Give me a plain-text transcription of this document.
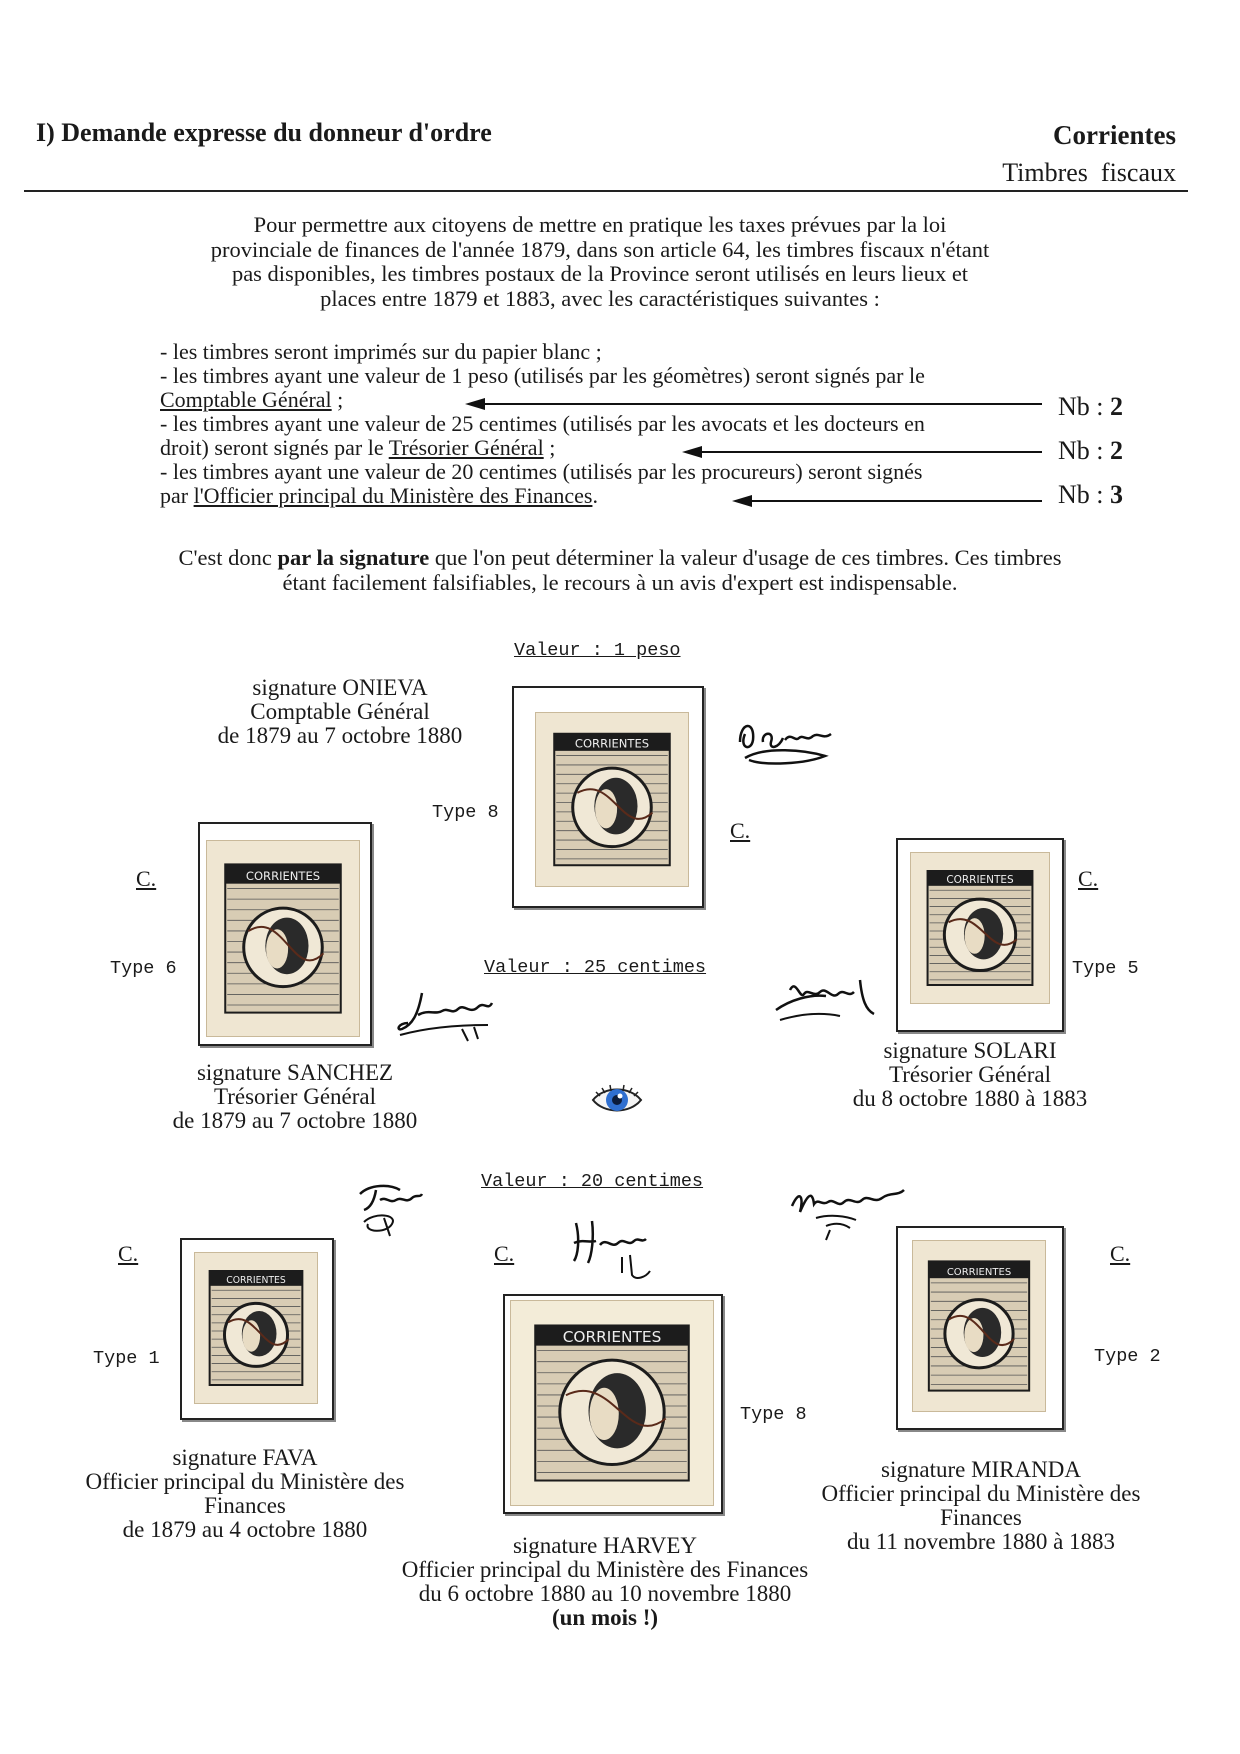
I) Demande expresse du donneur d'ordre	Corrientes
Timbres  fiscaux
Pour permettre aux citoyens de mettre en pratique les taxes prévues par la loi
provinciale de finances de l'année 1879, dans son article 64, les timbres fiscaux n'étant
pas disponibles, les timbres postaux de la Province seront utilisés en leurs lieux et
places entre 1879 et 1883, avec les caractéristiques suivantes :
- les timbres seront imprimés sur du papier blanc ;
- les timbres ayant une valeur de 1 peso (utilisés par les géomètres) seront signés par le
Comptable Général ;
- les timbres ayant une valeur de 25 centimes (utilisés par les avocats et les docteurs en
droit) seront signés par le Trésorier Général ;
- les timbres ayant une valeur de 20 centimes (utilisés par les procureurs) seront signés
par l'Officier principal du Ministère des Finances.
Nb : 2
Nb : 2
Nb : 3
C'est donc par la signature que l'on peut déterminer la valeur d'usage de ces timbres. Ces timbres
étant facilement falsifiables, le recours à un avis d'expert est indispensable.
Valeur : 1 peso
signature ONIEVA
Comptable Général
de 1879 au 7 octobre 1880	CORRIENTES
Type 8
C.
Valeur : 25 centimes
CORRIENTES
C.
Type 6
signature SANCHEZ
Trésorier Général
de 1879 au 7 octobre 1880
CORRIENTES	C.
Type 5
signature SOLARI
Trésorier Général
du 8 octobre 1880 à 1883
Valeur : 20 centimes
C.
CORRIENTES
Type 1
signature FAVA
Officier principal du Ministère des
Finances
de 1879 au 4 octobre 1880
C.
CORRIENTES
Type 8
signature HARVEY
Officier principal du Ministère des Finances
du 6 octobre 1880 au 10 novembre 1880
(un mois !)
CORRIENTES
C.
Type 2
signature MIRANDA
Officier principal du Ministère des
Finances
du 11 novembre 1880 à 1883
